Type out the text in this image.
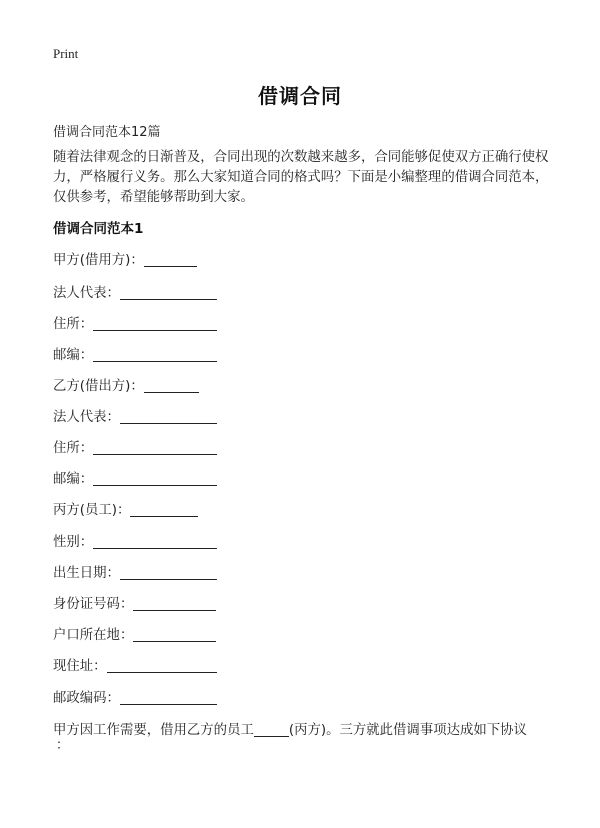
Print
借调合同
借调合同范本12篇
随着法律观念的日渐普及，合同出现的次数越来越多，合同能够促使双方正确行使权力，严格履行义务。那么大家知道合同的格式吗？下面是小编整理的借调合同范本，仅供参考，希望能够帮助到大家。
借调合同范本1
甲方(借用方)：
法人代表：
住所：
邮编：
乙方(借出方)：
法人代表：
住所：
邮编：
丙方(员工)：
性别：
出生日期：
身份证号码：
户口所在地：
现住址：
邮政编码：
甲方因工作需要，借用乙方的员工	(丙方)。三方就此借调事项达成如下协议
：
